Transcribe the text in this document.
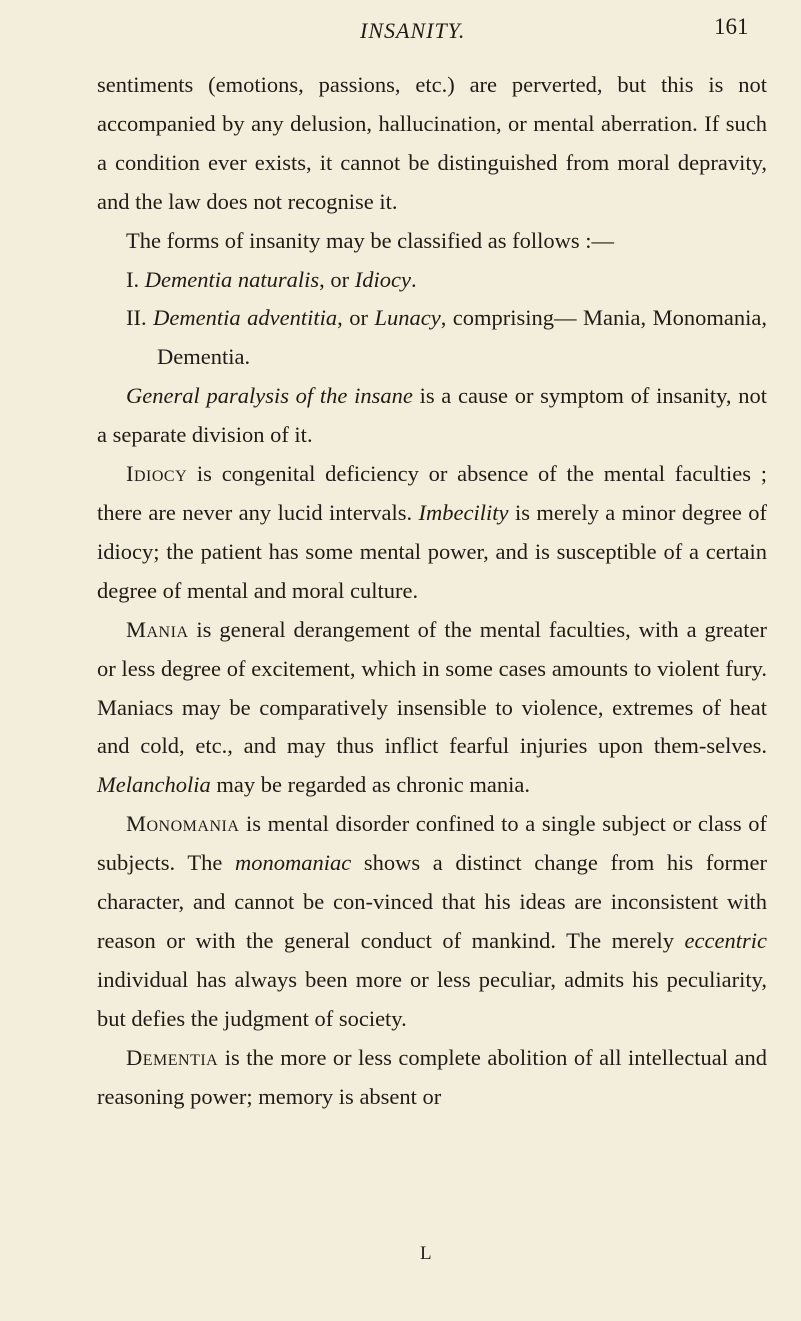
INSANITY.	161

sentiments (emotions, passions, etc.) are perverted, but this is not accompanied by any delusion, hallucination, or mental aberration. If such a condition ever exists, it cannot be distinguished from moral depravity, and the law does not recognise it.

The forms of insanity may be classified as follows :—

I. Dementia naturalis, or Idiocy.

II. Dementia adventitia, or Lunacy, comprising— Mania, Monomania, Dementia.

General paralysis of the insane is a cause or symptom of insanity, not a separate division of it.

Idiocy is congenital deficiency or absence of the mental faculties ; there are never any lucid intervals. Imbecility is merely a minor degree of idiocy; the patient has some mental power, and is susceptible of a certain degree of mental and moral culture.

Mania is general derangement of the mental faculties, with a greater or less degree of excitement, which in some cases amounts to violent fury. Maniacs may be comparatively insensible to violence, extremes of heat and cold, etc., and may thus inflict fearful injuries upon them-selves. Melancholia may be regarded as chronic mania.

Monomania is mental disorder confined to a single subject or class of subjects. The monomaniac shows a distinct change from his former character, and cannot be con-vinced that his ideas are inconsistent with reason or with the general conduct of mankind. The merely eccentric individual has always been more or less peculiar, admits his peculiarity, but defies the judgment of society.

Dementia is the more or less complete abolition of all intellectual and reasoning power; memory is absent or

L
